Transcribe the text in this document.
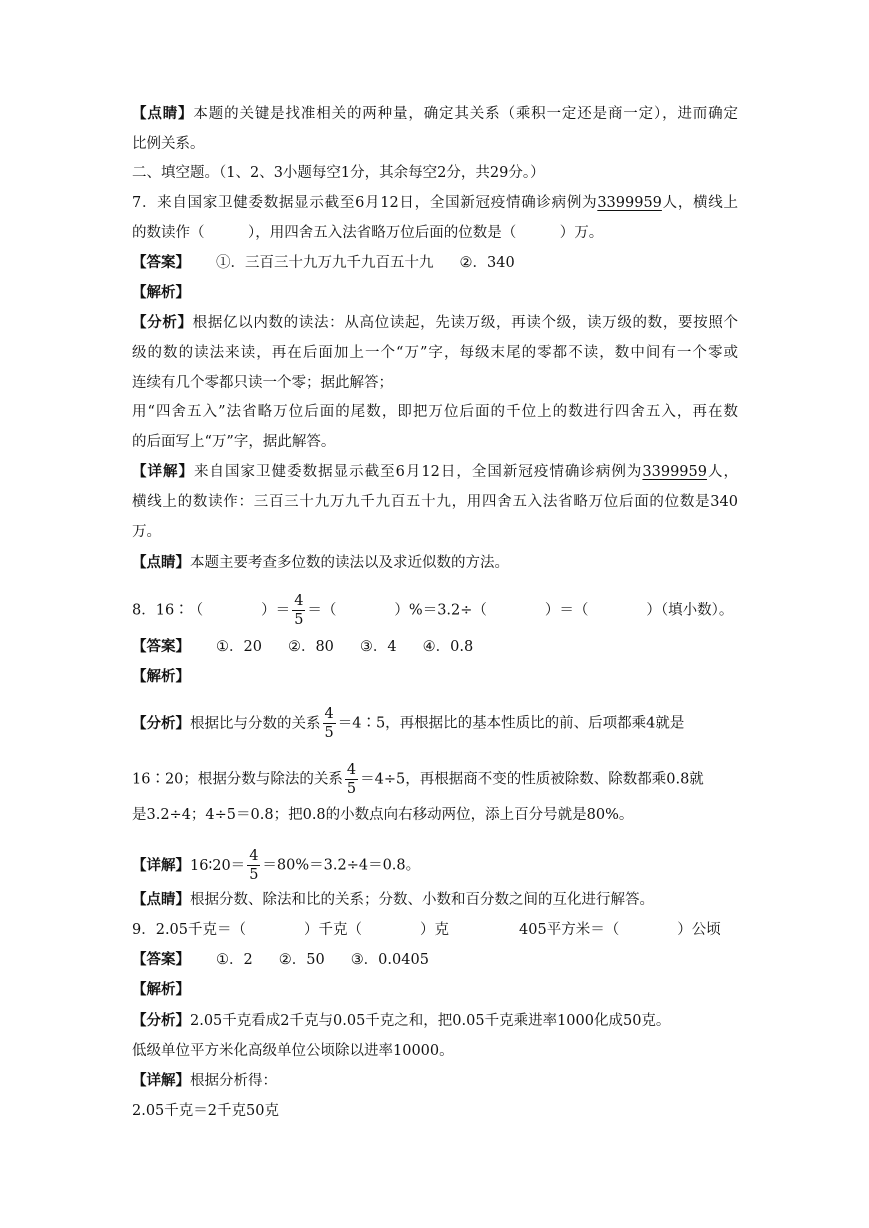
【点睛】本题的关键是找准相关的两种量，确定其关系（乘积一定还是商一定），进而确定
比例关系。
二、填空题。（1、2、3小题每空1分，其余每空2分，共29分。）
7．来自国家卫健委数据显示截至6月12日，全国新冠疫情确诊病例为3399959人，横线上
的数读作（　　　），用四舍五入法省略万位后面的位数是（　　　）万。
【答案】 ①．三百三十九万九千九百五十九 ②．340
【解析】
【分析】根据亿以内数的读法：从高位读起，先读万级，再读个级，读万级的数，要按照个
级的数的读法来读，再在后面加上一个“万”字，每级末尾的零都不读，数中间有一个零或
连续有几个零都只读一个零；据此解答；
用“四舍五入”法省略万位后面的尾数，即把万位后面的千位上的数进行四舍五入，再在数
的后面写上“万”字，据此解答。
【详解】来自国家卫健委数据显示截至6月12日，全国新冠疫情确诊病例为3399959人，
横线上的数读作：三百三十九万九千九百五十九，用四舍五入法省略万位后面的位数是340
万。
【点睛】本题主要考查多位数的读法以及求近似数的方法。
8．16∶（　　　　）＝ $\frac{4}{5}$ ＝（　　　　）%＝3.2÷（　　　　）＝（　　　　）（填小数）。
【答案】 ①．20 ②．80 ③．4 ④．0.8
【解析】
【分析】根据比与分数的关系 $\frac{4}{5}$ ＝4∶5，再根据比的基本性质比的前、后项都乘4就是
16∶20；根据分数与除法的关系 $\frac{4}{5} =4\div 5$，再根据商不变的性质被除数、除数都乘0.8就
是3.2÷4；4÷5＝0.8；把0.8的小数点向右移动两位，添上百分号就是80%。
【详解】16∶20＝ $\frac{4}{5} =80\%=3.2\div 4=0.8$。
【点睛】根据分数、除法和比的关系；分数、小数和百分数之间的互化进行解答。
9．2.05千克＝（　　　　）千克（　　　　）克	405平方米＝（　　　　）公顷
【答案】 ①．2 ②．50 ③．0.0405
【解析】
【分析】2.05千克看成2千克与0.05千克之和，把0.05千克乘进率1000化成50克。
低级单位平方米化高级单位公顷除以进率10000。
【详解】根据分析得：
2.05千克＝2千克50克
